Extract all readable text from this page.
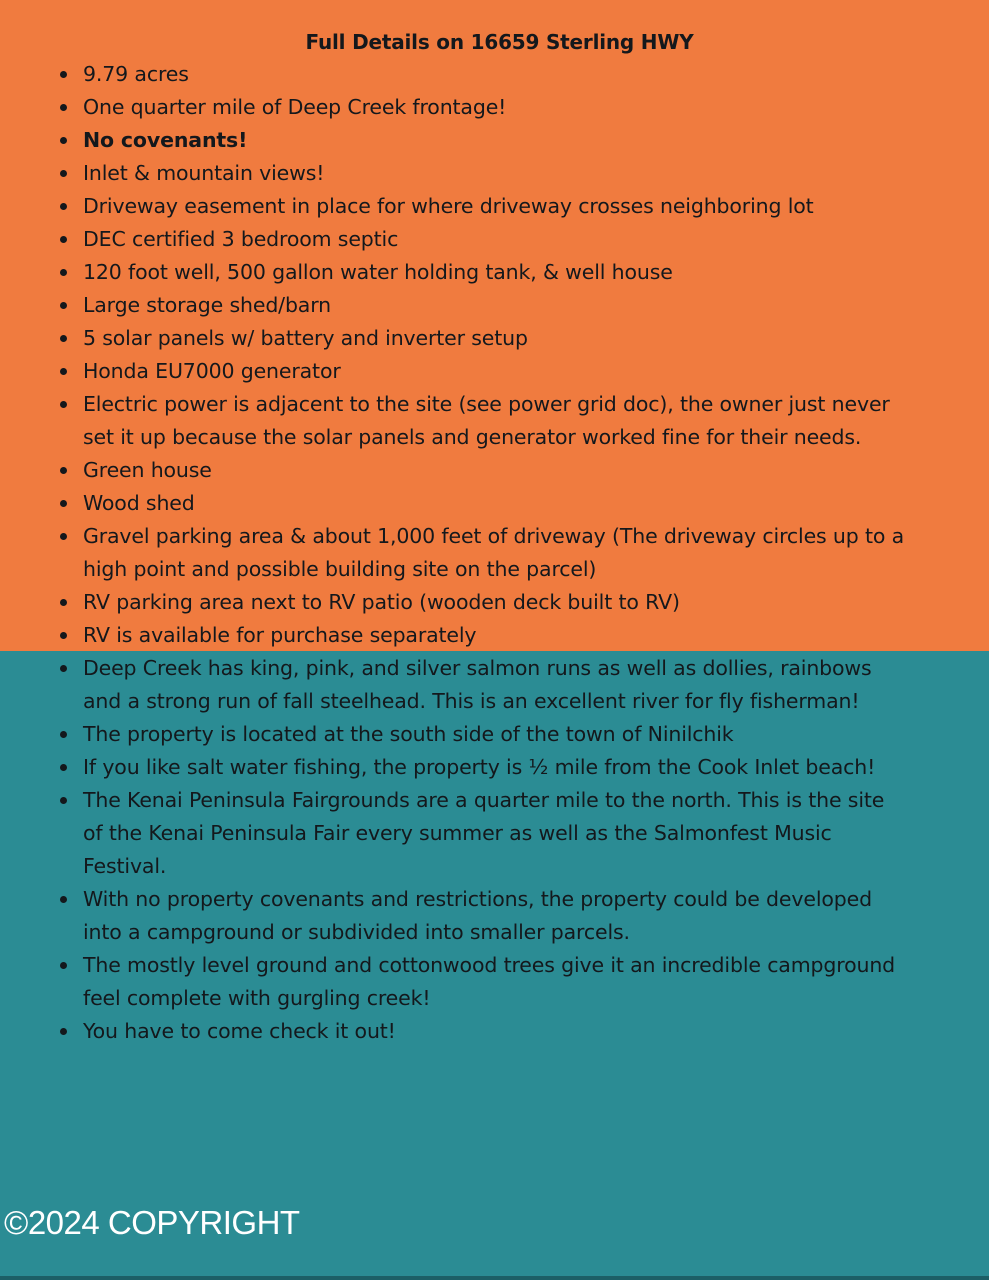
Full Details on 16659 Sterling HWY
9.79 acres
One quarter mile of Deep Creek frontage!
No covenants!
Inlet & mountain views!
Driveway easement in place for where driveway crosses neighboring lot
DEC certified 3 bedroom septic
120 foot well, 500 gallon water holding tank, & well house
Large storage shed/barn
5 solar panels w/ battery and inverter setup
Honda EU7000 generator
Electric power is adjacent to the site (see power grid doc), the owner just never
set it up because the solar panels and generator worked fine for their needs.
Green house
Wood shed
Gravel parking area & about 1,000 feet of driveway (The driveway circles up to a
high point and possible building site on the parcel)
RV parking area next to RV patio (wooden deck built to RV)
RV is available for purchase separately
Deep Creek has king, pink, and silver salmon runs as well as dollies, rainbows
and a strong run of fall steelhead. This is an excellent river for fly fisherman!
The property is located at the south side of the town of Ninilchik
If you like salt water fishing, the property is ½ mile from the Cook Inlet beach!
The Kenai Peninsula Fairgrounds are a quarter mile to the north. This is the site
of the Kenai Peninsula Fair every summer as well as the Salmonfest Music
Festival.
With no property covenants and restrictions, the property could be developed
into a campground or subdivided into smaller parcels.
The mostly level ground and cottonwood trees give it an incredible campground
feel complete with gurgling creek!
You have to come check it out!
©2024 COPYRIGHT
